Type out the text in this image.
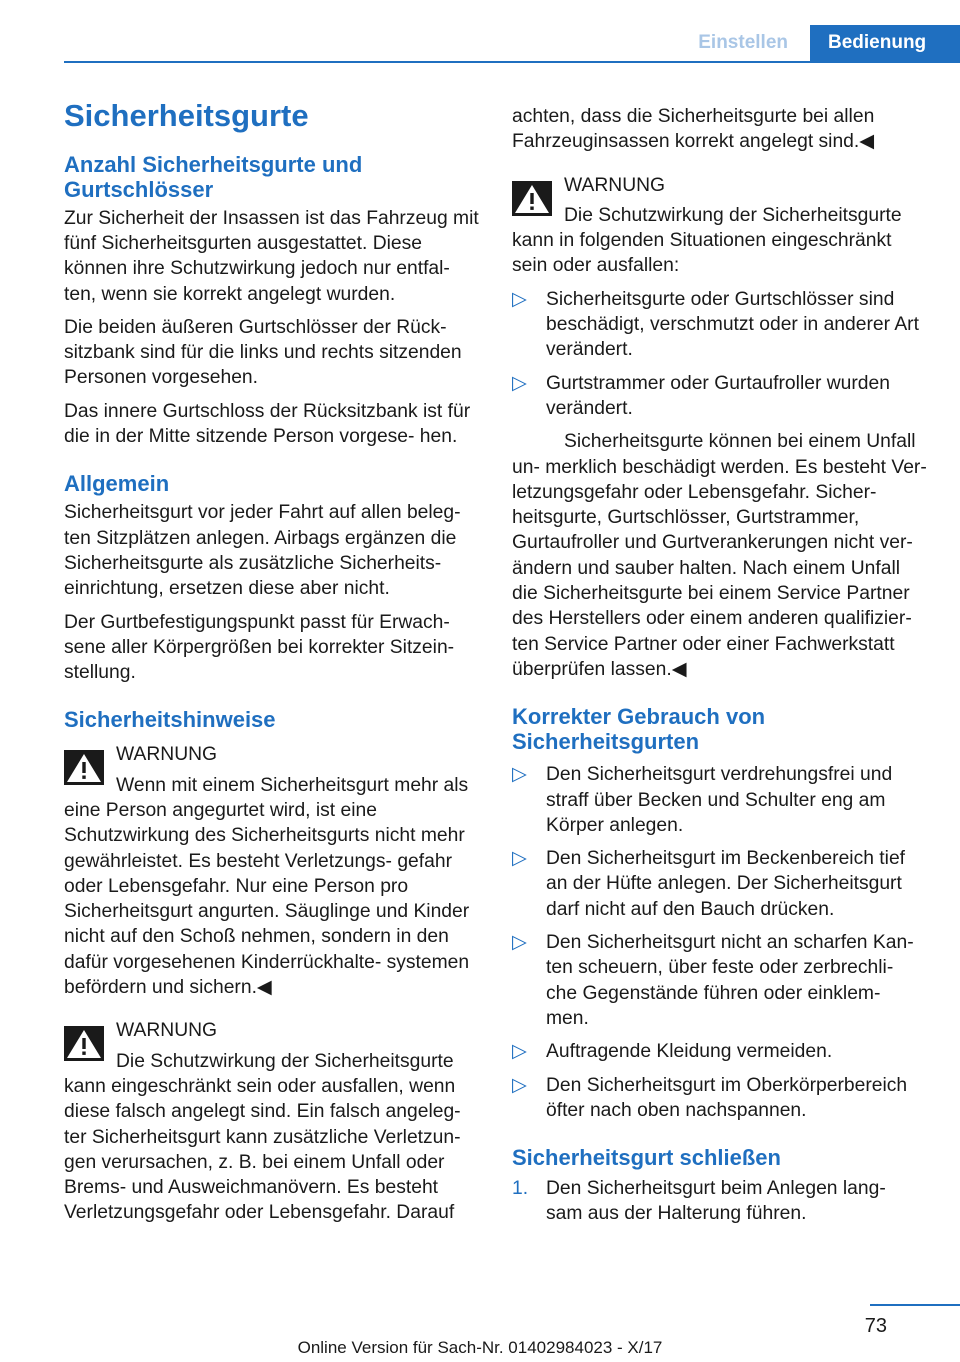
Einstellen	Bedienung
Sicherheitsgurte
Anzahl Sicherheitsgurte und Gurtschlösser

Zur Sicherheit der Insassen ist das Fahrzeug mit fünf Sicherheitsgurten ausgestattet. Diese können ihre Schutzwirkung jedoch nur entfal‐ ten, wenn sie korrekt angelegt wurden.

Die beiden äußeren Gurtschlösser der Rück‐ sitzbank sind für die links und rechts sitzenden Personen vorgesehen.

Das innere Gurtschloss der Rücksitzbank ist für die in der Mitte sitzende Person vorgese‐ hen.

Allgemein

Sicherheitsgurt vor jeder Fahrt auf allen beleg‐ ten Sitzplätzen anlegen. Airbags ergänzen die Sicherheitsgurte als zusätzliche Sicherheits‐ einrichtung, ersetzen diese aber nicht.

Der Gurtbefestigungspunkt passt für Erwach‐ sene aller Körpergrößen bei korrekter Sitzein‐ stellung.

Sicherheitshinweise
WARNUNG

Wenn mit einem Sicherheitsgurt mehr als eine Person angegurtet wird, ist eine Schutzwirkung des Sicherheitsgurts nicht mehr gewährleistet. Es besteht Verletzungs‐ gefahr oder Lebensgefahr. Nur eine Person pro Sicherheitsgurt angurten. Säuglinge und Kinder nicht auf den Schoß nehmen, sondern in den dafür vorgesehenen Kinderrückhalte‐ systemen befördern und sichern.◀

WARNUNG

Die Schutzwirkung der Sicherheitsgurte kann eingeschränkt sein oder ausfallen, wenn diese falsch angelegt sind. Ein falsch angeleg‐ ter Sicherheitsgurt kann zusätzliche Verletzun‐ gen verursachen, z. B. bei einem Unfall oder Brems- und Ausweichmanövern. Es besteht Verletzungsgefahr oder Lebensgefahr. Darauf

achten, dass die Sicherheitsgurte bei allen Fahrzeuginsassen korrekt angelegt sind.◀

WARNUNG

Die Schutzwirkung der Sicherheitsgurte kann in folgenden Situationen eingeschränkt sein oder ausfallen:

▷ Sicherheitsgurte oder Gurtschlösser sind beschädigt, verschmutzt oder in anderer Art verändert.
▷ Gurtstrammer oder Gurtaufroller wurden verändert.

Sicherheitsgurte können bei einem Unfall un‐ merklich beschädigt werden. Es besteht Ver‐ letzungsgefahr oder Lebensgefahr. Sicher‐ heitsgurte, Gurtschlösser, Gurtstrammer, Gurtaufroller und Gurtverankerungen nicht ver‐ ändern und sauber halten. Nach einem Unfall die Sicherheitsgurte bei einem Service Partner des Herstellers oder einem anderen qualifizier‐ ten Service Partner oder einer Fachwerkstatt überprüfen lassen.◀

Korrekter Gebrauch von Sicherheitsgurten
▷ Den Sicherheitsgurt verdrehungsfrei und straff über Becken und Schulter eng am Körper anlegen.
▷ Den Sicherheitsgurt im Beckenbereich tief an der Hüfte anlegen. Der Sicherheitsgurt darf nicht auf den Bauch drücken.
▷ Den Sicherheitsgurt nicht an scharfen Kan‐ ten scheuern, über feste oder zerbrechli‐ che Gegenstände führen oder einklem‐ men.
▷ Auftragende Kleidung vermeiden.
▷ Den Sicherheitsgurt im Oberkörperbereich öfter nach oben nachspannen.
Sicherheitsgurt schließen
1. Den Sicherheitsgurt beim Anlegen lang‐ sam aus der Halterung führen.
73
Online Version für Sach-Nr. 01402984023 - X/17
